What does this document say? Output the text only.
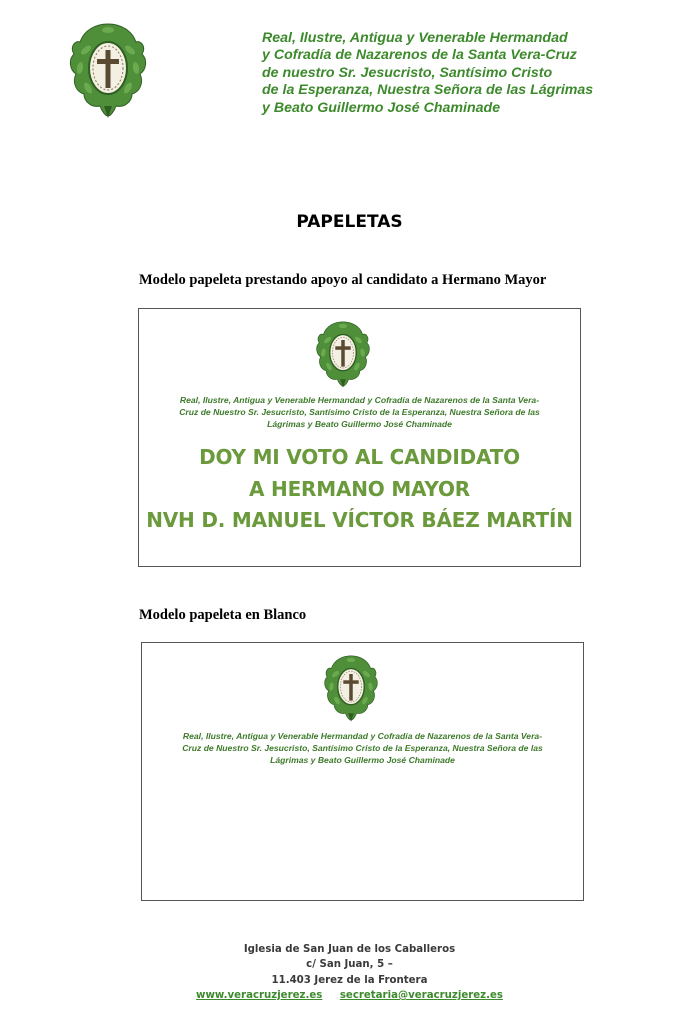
Real, Ilustre, Antigua y Venerable Hermandad
y Cofradía de Nazarenos de la Santa Vera-Cruz
de nuestro Sr. Jesucristo, Santísimo Cristo
de la Esperanza, Nuestra Señora de las Lágrimas
y Beato Guillermo José Chaminade
PAPELETAS
Modelo papeleta prestando apoyo al candidato a Hermano Mayor
Real, Ilustre, Antigua y Venerable Hermandad y Cofradía de Nazarenos de la Santa Vera-
Cruz de Nuestro Sr. Jesucristo, Santísimo Cristo de la Esperanza, Nuestra Señora de las
Lágrimas y Beato Guillermo José Chaminade
DOY MI VOTO AL CANDIDATO
A HERMANO MAYOR
NVH D. MANUEL VÍCTOR BÁEZ MARTÍN
Modelo papeleta en Blanco
Real, Ilustre, Antigua y Venerable Hermandad y Cofradía de Nazarenos de la Santa Vera-
Cruz de Nuestro Sr. Jesucristo, Santísimo Cristo de la Esperanza, Nuestra Señora de las
Lágrimas y Beato Guillermo José Chaminade
Iglesia de San Juan de los Caballeros
c/ San Juan, 5 –
11.403 Jerez de la Frontera
www.veracruzjerez.es secretaria@veracruzjerez.es
